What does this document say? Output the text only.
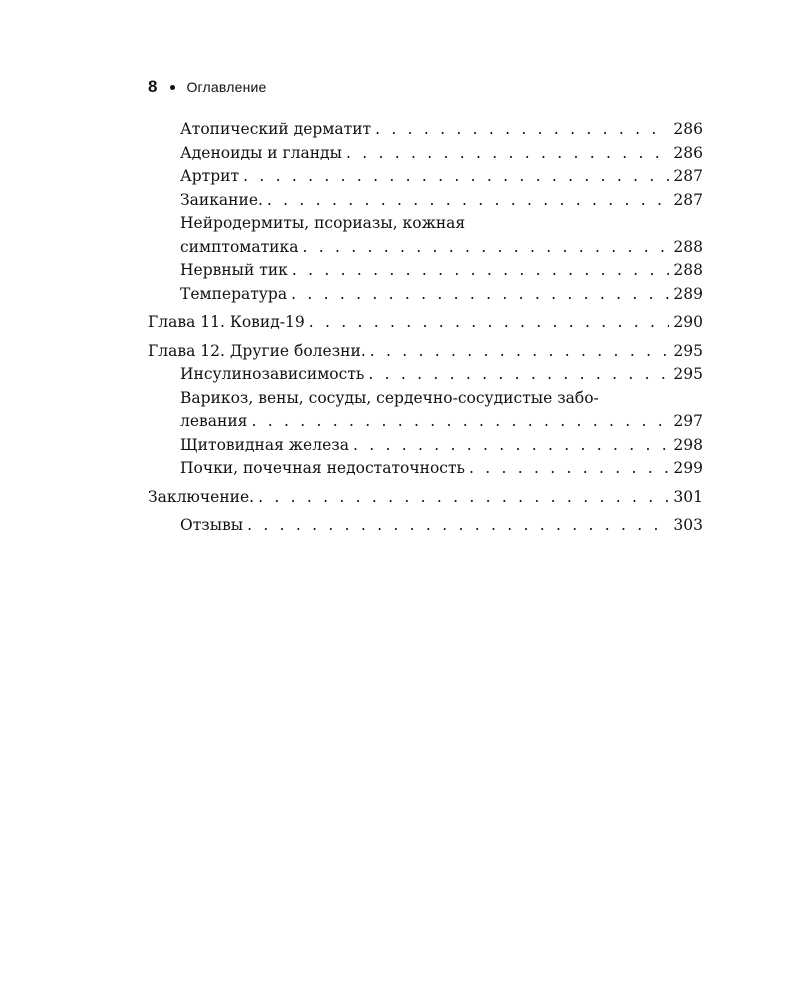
8 Оглавление
Атопический дерматит . . .	286
Аденоиды и гланды . . .	286
Артрит . . .	287
Заикание. . . .	287
Нейродермиты, псориазы, кожная
симптоматика . . .	288
Нервный тик . . .	288
Температура . . .	289
Глава 11. Ковид-19 . . .	290
Глава 12. Другие болезни. . . .	295
Инсулинозависимость . . .	295
Варикоз, вены, сосуды, сердечно-сосудистые забо-
левания . . .	297
Щитовидная железа . . .	298
Почки, почечная недостаточность . . .	299
Заключение. . . .	301
Отзывы . . .	303
